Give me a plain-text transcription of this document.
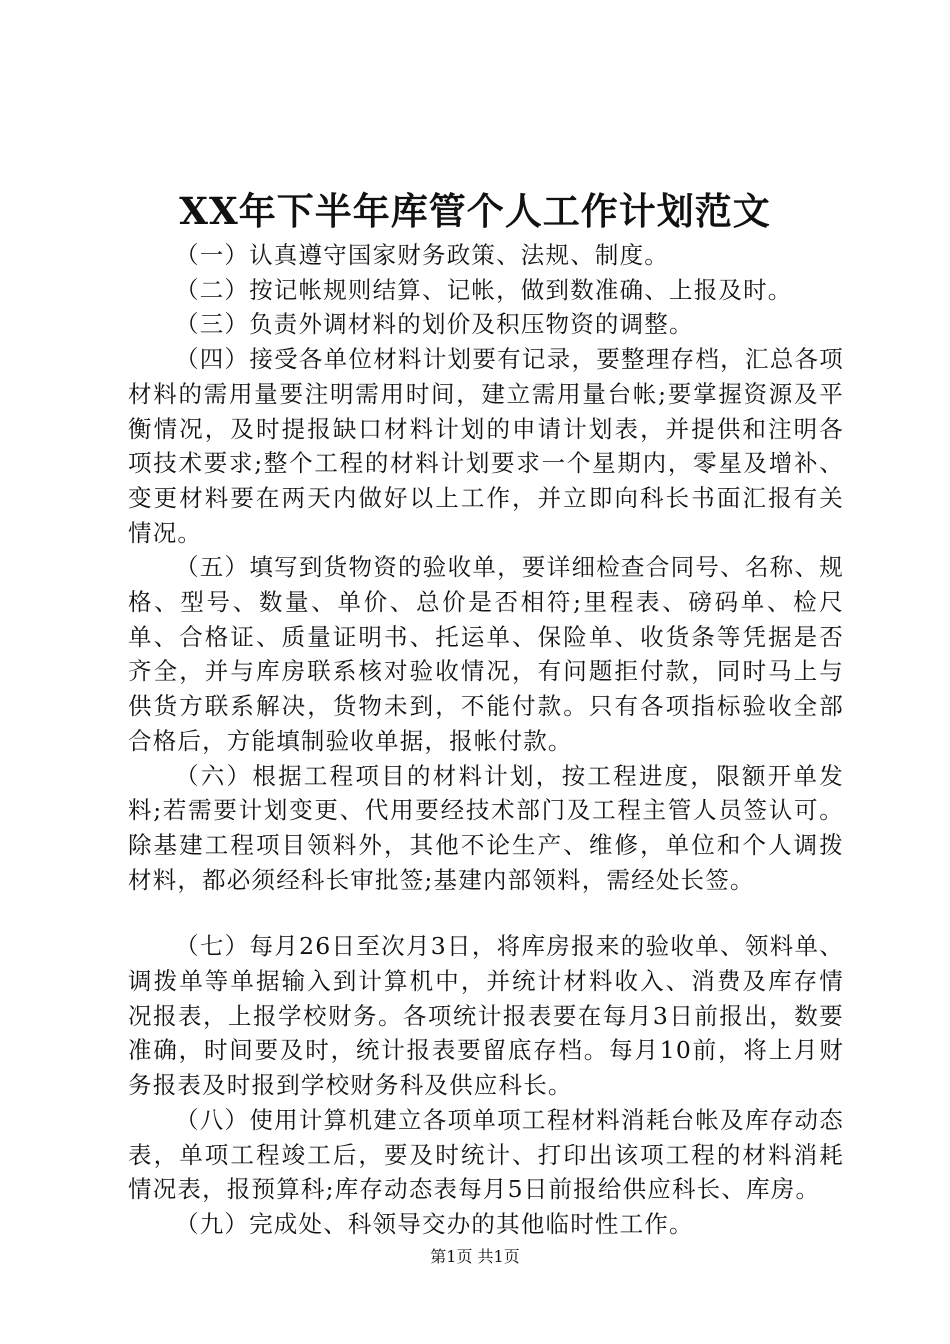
XX年下半年库管个人工作计划范文

（一）认真遵守国家财务政策、法规、制度。

（二）按记帐规则结算、记帐，做到数准确、上报及时。

（三）负责外调材料的划价及积压物资的调整。

（四）接受各单位材料计划要有记录，要整理存档，汇总各项材料的需用量要注明需用时间，建立需用量台帐;要掌握资源及平衡情况，及时提报缺口材料计划的申请计划表，并提供和注明各项技术要求;整个工程的材料计划要求一个星期内，零星及增补、变更材料要在两天内做好以上工作，并立即向科长书面汇报有关情况。

（五）填写到货物资的验收单，要详细检查合同号、名称、规格、型号、数量、单价、总价是否相符;里程表、磅码单、检尺单、合格证、质量证明书、托运单、保险单、收货条等凭据是否齐全，并与库房联系核对验收情况，有问题拒付款，同时马上与供货方联系解决，货物未到，不能付款。只有各项指标验收全部合格后，方能填制验收单据，报帐付款。

（六）根据工程项目的材料计划，按工程进度，限额开单发料;若需要计划变更、代用要经技术部门及工程主管人员签认可。除基建工程项目领料外，其他不论生产、维修，单位和个人调拨材料，都必须经科长审批签;基建内部领料，需经处长签。

（七）每月26日至次月3日，将库房报来的验收单、领料单、调拨单等单据输入到计算机中，并统计材料收入、消费及库存情况报表，上报学校财务。各项统计报表要在每月3日前报出，数要准确，时间要及时，统计报表要留底存档。每月10前，将上月财务报表及时报到学校财务科及供应科长。

（八）使用计算机建立各项单项工程材料消耗台帐及库存动态表，单项工程竣工后，要及时统计、打印出该项工程的材料消耗情况表，报预算科;库存动态表每月5日前报给供应科长、库房。

（九）完成处、科领导交办的其他临时性工作。

第1页 共1页
